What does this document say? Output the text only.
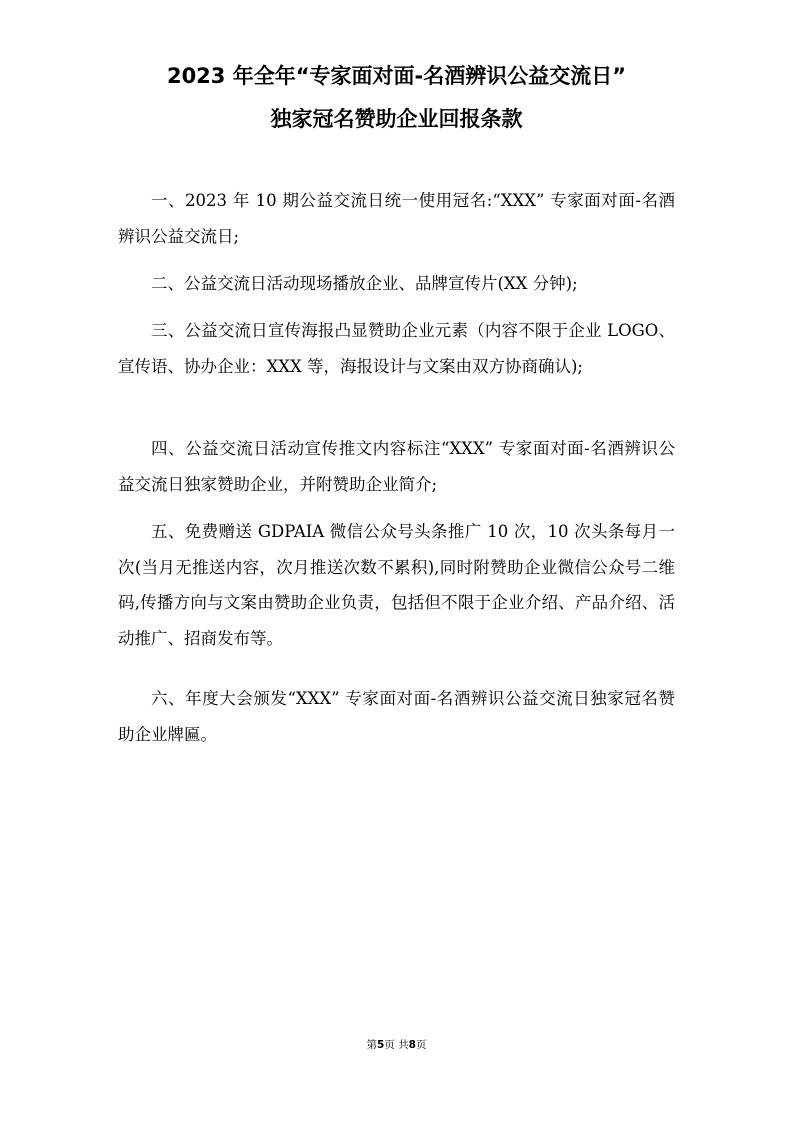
2023 年全年“专家面对面-名酒辨识公益交流日”
独家冠名赞助企业回报条款

一、2023 年 10 期公益交流日统一使用冠名:“XXX” 专家面对面-名酒辨识公益交流日;

二、公益交流日活动现场播放企业、品牌宣传片(XX 分钟);

三、公益交流日宣传海报凸显赞助企业元素（内容不限于企业 LOGO、宣传语、协办企业：XXX 等，海报设计与文案由双方协商确认);

四、公益交流日活动宣传推文内容标注“XXX” 专家面对面-名酒辨识公益交流日独家赞助企业，并附赞助企业简介;

五、免费赠送 GDPAIA 微信公众号头条推广 10 次，10 次头条每月一次(当月无推送内容，次月推送次数不累积),同时附赞助企业微信公众号二维码,传播方向与文案由赞助企业负责，包括但不限于企业介绍、产品介绍、活动推广、招商发布等。

六、年度大会颁发“XXX” 专家面对面-名酒辨识公益交流日独家冠名赞助企业牌匾。

第5页 共8页
